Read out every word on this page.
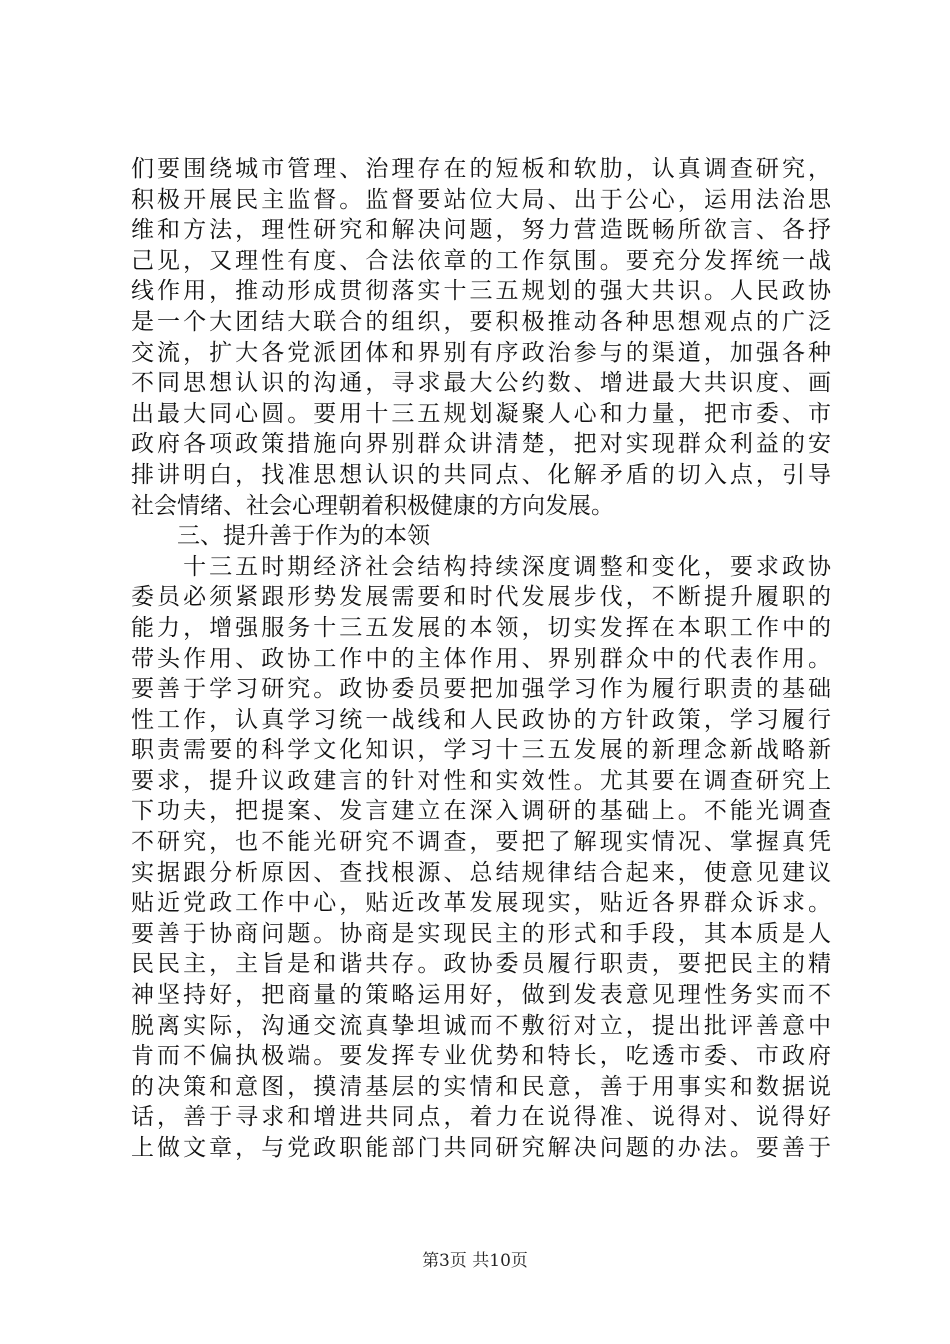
们要围绕城市管理、治理存在的短板和软肋，认真调查研究，
积极开展民主监督。监督要站位大局、出于公心，运用法治思
维和方法，理性研究和解决问题，努力营造既畅所欲言、各抒
己见，又理性有度、合法依章的工作氛围。要充分发挥统一战
线作用，推动形成贯彻落实十三五规划的强大共识。人民政协
是一个大团结大联合的组织，要积极推动各种思想观点的广泛
交流，扩大各党派团体和界别有序政治参与的渠道，加强各种
不同思想认识的沟通，寻求最大公约数、增进最大共识度、画
出最大同心圆。要用十三五规划凝聚人心和力量，把市委、市
政府各项政策措施向界别群众讲清楚，把对实现群众利益的安
排讲明白，找准思想认识的共同点、化解矛盾的切入点，引导
社会情绪、社会心理朝着积极健康的方向发展。
　　三、提升善于作为的本领
　　十三五时期经济社会结构持续深度调整和变化，要求政协
委员必须紧跟形势发展需要和时代发展步伐，不断提升履职的
能力，增强服务十三五发展的本领，切实发挥在本职工作中的
带头作用、政协工作中的主体作用、界别群众中的代表作用。
要善于学习研究。政协委员要把加强学习作为履行职责的基础
性工作，认真学习统一战线和人民政协的方针政策，学习履行
职责需要的科学文化知识，学习十三五发展的新理念新战略新
要求，提升议政建言的针对性和实效性。尤其要在调查研究上
下功夫，把提案、发言建立在深入调研的基础上。不能光调查
不研究，也不能光研究不调查，要把了解现实情况、掌握真凭
实据跟分析原因、查找根源、总结规律结合起来，使意见建议
贴近党政工作中心，贴近改革发展现实，贴近各界群众诉求。
要善于协商问题。协商是实现民主的形式和手段，其本质是人
民民主，主旨是和谐共存。政协委员履行职责，要把民主的精
神坚持好，把商量的策略运用好，做到发表意见理性务实而不
脱离实际，沟通交流真挚坦诚而不敷衍对立，提出批评善意中
肯而不偏执极端。要发挥专业优势和特长，吃透市委、市政府
的决策和意图，摸清基层的实情和民意，善于用事实和数据说
话，善于寻求和增进共同点，着力在说得准、说得对、说得好
上做文章，与党政职能部门共同研究解决问题的办法。要善于
第3页 共10页
